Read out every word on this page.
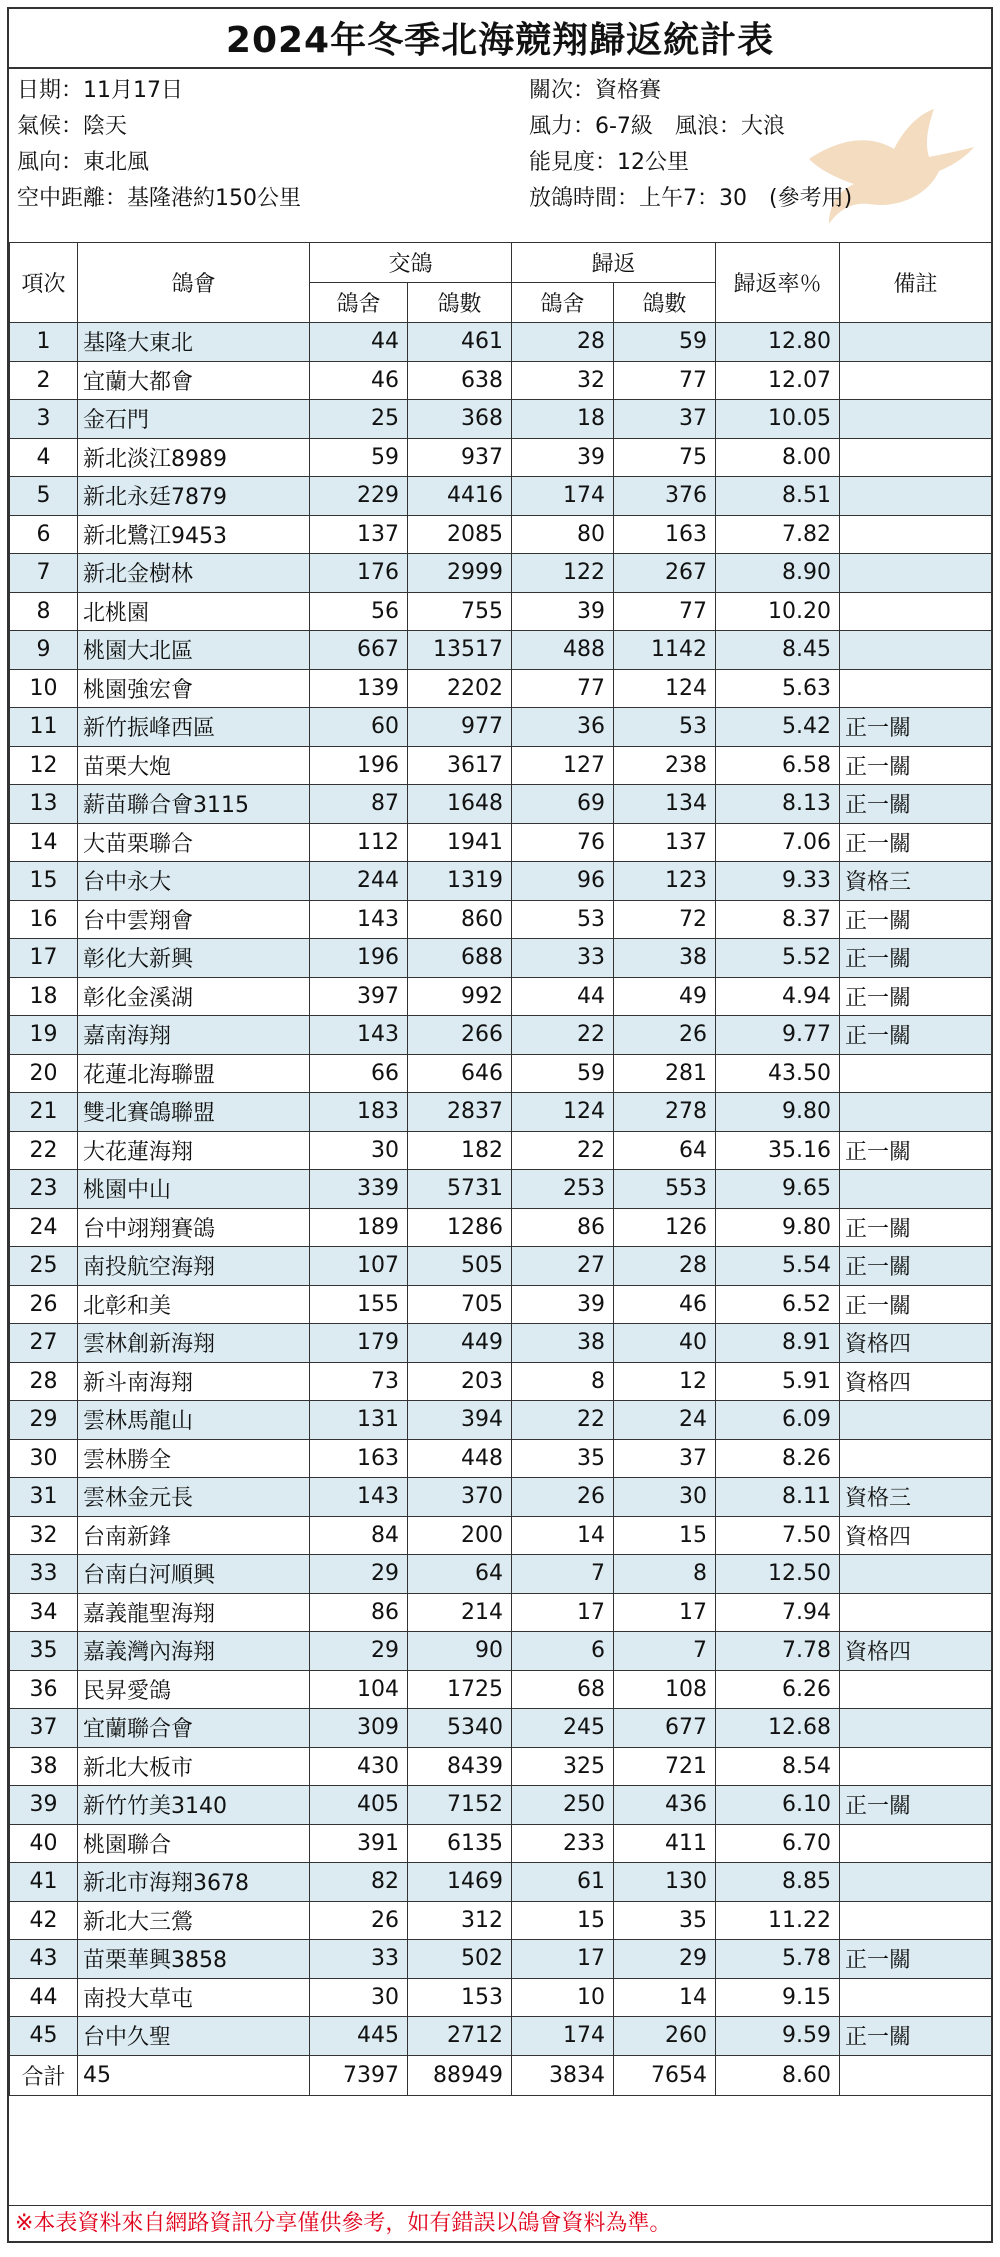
2024年冬季北海競翔歸返統計表
日期：11月17日
氣候：陰天
風向：東北風
空中距離：基隆港約150公里
關次：資格賽
風力：6-7級　風浪：大浪
能見度：12公里
放鴿時間：上午7：30　(參考用)
項次	鴿會	交鴿		歸返		歸返率％	備註
		鴿舍	鴿數	鴿舍	鴿數		
1	基隆大東北	44	461	28	59	12.80	
2	宜蘭大都會	46	638	32	77	12.07	
3	金石門	25	368	18	37	10.05	
4	新北淡江8989	59	937	39	75	8.00	
5	新北永廷7879	229	4416	174	376	8.51	
6	新北鷺江9453	137	2085	80	163	7.82	
7	新北金樹林	176	2999	122	267	8.90	
8	北桃園	56	755	39	77	10.20	
9	桃園大北區	667	13517	488	1142	8.45	
10	桃園強宏會	139	2202	77	124	5.63	
11	新竹振峰西區	60	977	36	53	5.42	正一關
12	苗栗大炮	196	3617	127	238	6.58	正一關
13	薪苗聯合會3115	87	1648	69	134	8.13	正一關
14	大苗栗聯合	112	1941	76	137	7.06	正一關
15	台中永大	244	1319	96	123	9.33	資格三
16	台中雲翔會	143	860	53	72	8.37	正一關
17	彰化大新興	196	688	33	38	5.52	正一關
18	彰化金溪湖	397	992	44	49	4.94	正一關
19	嘉南海翔	143	266	22	26	9.77	正一關
20	花蓮北海聯盟	66	646	59	281	43.50	
21	雙北賽鴿聯盟	183	2837	124	278	9.80	
22	大花蓮海翔	30	182	22	64	35.16	正一關
23	桃園中山	339	5731	253	553	9.65	
24	台中翊翔賽鴿	189	1286	86	126	9.80	正一關
25	南投航空海翔	107	505	27	28	5.54	正一關
26	北彰和美	155	705	39	46	6.52	正一關
27	雲林創新海翔	179	449	38	40	8.91	資格四
28	新斗南海翔	73	203	8	12	5.91	資格四
29	雲林馬龍山	131	394	22	24	6.09	
30	雲林勝全	163	448	35	37	8.26	
31	雲林金元長	143	370	26	30	8.11	資格三
32	台南新鋒	84	200	14	15	7.50	資格四
33	台南白河順興	29	64	7	8	12.50	
34	嘉義龍聖海翔	86	214	17	17	7.94	
35	嘉義灣內海翔	29	90	6	7	7.78	資格四
36	民昇愛鴿	104	1725	68	108	6.26	
37	宜蘭聯合會	309	5340	245	677	12.68	
38	新北大板市	430	8439	325	721	8.54	
39	新竹竹美3140	405	7152	250	436	6.10	正一關
40	桃園聯合	391	6135	233	411	6.70	
41	新北市海翔3678	82	1469	61	130	8.85	
42	新北大三鶯	26	312	15	35	11.22	
43	苗栗華興3858	33	502	17	29	5.78	正一關
44	南投大草屯	30	153	10	14	9.15	
45	台中久聖	445	2712	174	260	9.59	正一關
合計	45	7397	88949	3834	7654	8.60	
※本表資料來自網路資訊分享僅供參考，如有錯誤以鴿會資料為準。
